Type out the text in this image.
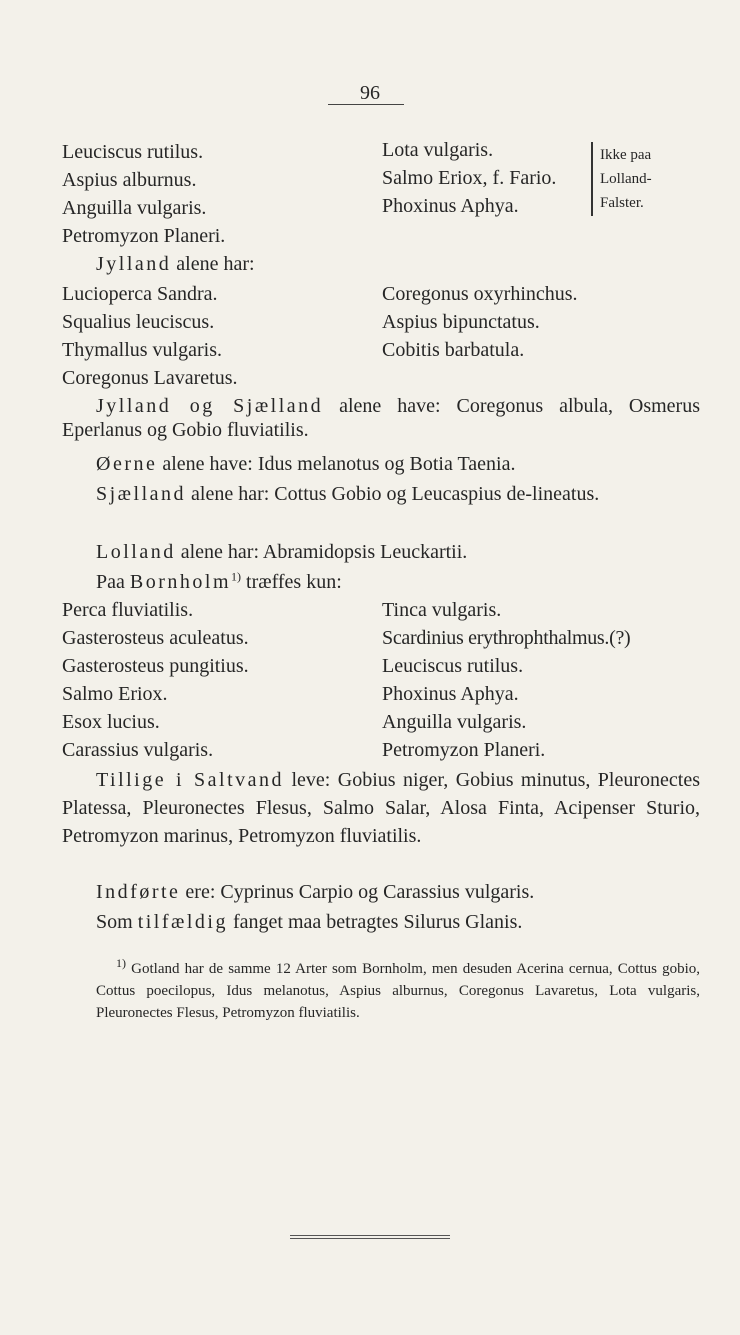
96
Leuciscus rutilus.
Aspius alburnus.
Anguilla vulgaris.
Petromyzon Planeri.
Lota vulgaris.
Salmo Eriox, f. Fario.
Phoxinus Aphya.
Ikke paa
Lolland-
Falster.
Jylland alene har:
Lucioperca Sandra.
Squalius leuciscus.
Thymallus vulgaris.
Coregonus Lavaretus.
Coregonus oxyrhinchus.
Aspius bipunctatus.
Cobitis barbatula.
Jylland og Sjælland alene have: Coregonus albula, Osmerus Eperlanus og Gobio fluviatilis.
Øerne alene have: Idus melanotus og Botia Taenia.
Sjælland alene har: Cottus Gobio og Leucaspius de-lineatus.
Lolland alene har: Abramidopsis Leuckartii.
Paa Bornholm$^{1)}$ træffes kun:
Perca fluviatilis.
Gasterosteus aculeatus.
Gasterosteus pungitius.
Salmo Eriox.
Esox lucius.
Carassius vulgaris.
Tinca vulgaris.
Scardinius erythrophthalmus.(?)
Leuciscus rutilus.
Phoxinus Aphya.
Anguilla vulgaris.
Petromyzon Planeri.
Tillige i Saltvand leve: Gobius niger, Gobius minutus, Pleuronectes Platessa, Pleuronectes Flesus, Salmo Salar, Alosa Finta, Acipenser Sturio, Petromyzon marinus, Petromyzon fluviatilis.
Indførte ere: Cyprinus Carpio og Carassius vulgaris.
Som tilfældig fanget maa betragtes Silurus Glanis.
$^{1)}$ Gotland har de samme 12 Arter som Bornholm, men desuden Acerina cernua, Cottus gobio, Cottus poecilopus, Idus melanotus, Aspius alburnus, Coregonus Lavaretus, Lota vulgaris, Pleuronectes Flesus, Petromyzon fluviatilis.
